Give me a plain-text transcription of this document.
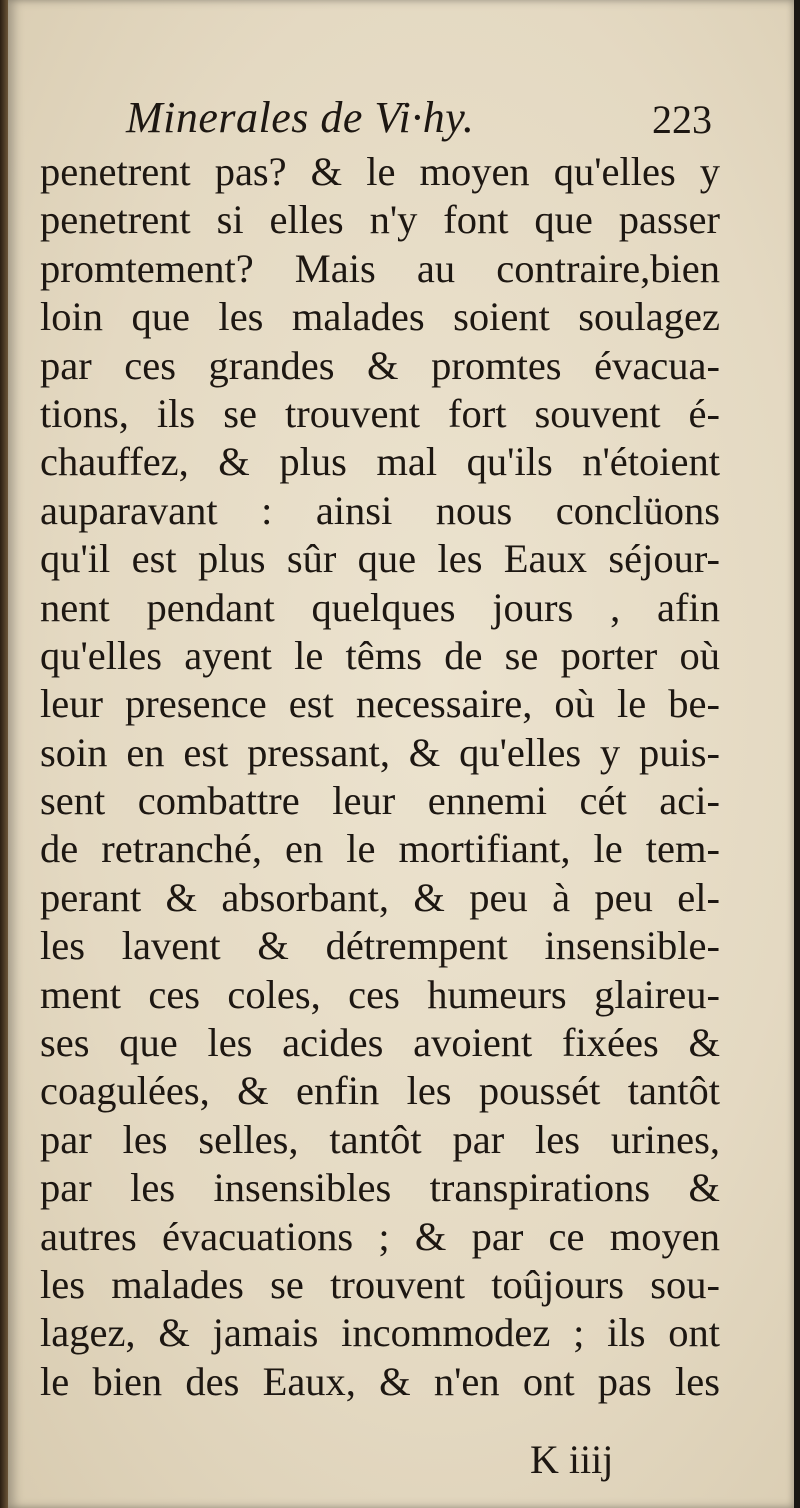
Minerales de Vi·hy.	223
penetrent pas? & le moyen qu'elles y
penetrent si elles n'y font que passer
promtement? Mais au contraire,bien
loin que les malades soient soulagez
par ces grandes & promtes évacua-
tions, ils se trouvent fort souvent é-
chauffez, & plus mal qu'ils n'étoient
auparavant : ainsi nous conclüons
qu'il est plus sûr que les Eaux séjour-
nent pendant quelques jours , afin
qu'elles ayent le têms de se porter où
leur presence est necessaire, où le be-
soin en est pressant, & qu'elles y puis-
sent combattre leur ennemi cét aci-
de retranché, en le mortifiant, le tem-
perant & absorbant, & peu à peu el-
les lavent & détrempent insensible-
ment ces coles, ces humeurs glaireu-
ses que les acides avoient fixées &
coagulées, & enfin les poussét tantôt
par les selles, tantôt par les urines,
par les insensibles transpirations &
autres évacuations ; & par ce moyen
les malades se trouvent toûjours sou-
lagez, & jamais incommodez ; ils ont
le bien des Eaux, & n'en ont pas les
K iiij
